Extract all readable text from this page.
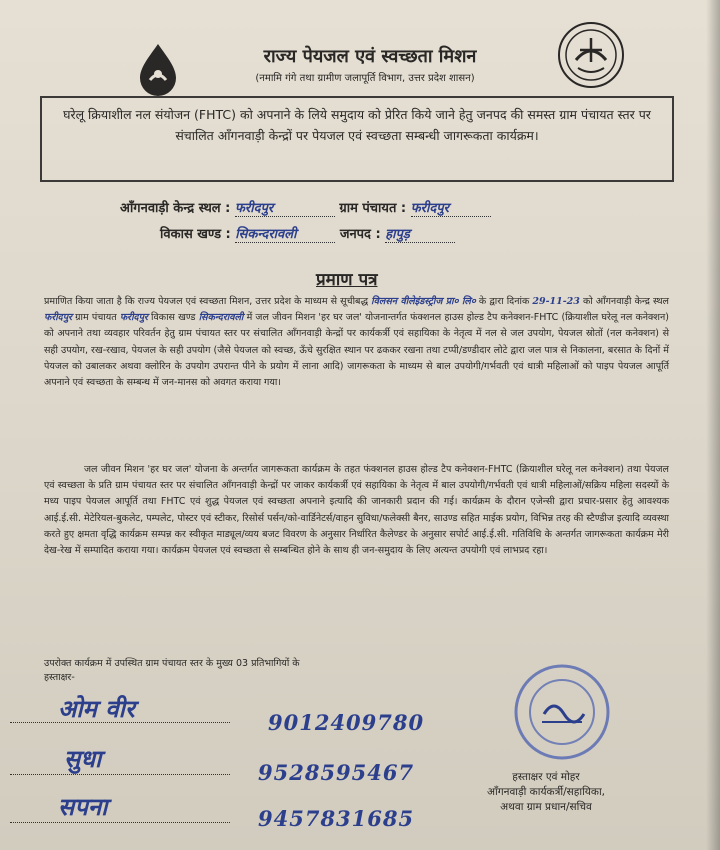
राज्य पेयजल एवं स्वच्छता मिशन
(नमामि गंगे तथा ग्रामीण जलापूर्ति विभाग, उत्तर प्रदेश शासन)
घरेलू क्रियाशील नल संयोजन (FHTC) को अपनाने के लिये समुदाय को प्रेरित किये जाने हेतु जनपद की समस्त ग्राम पंचायत स्तर पर संचालित आँगनवाड़ी केन्द्रों पर पेयजल एवं स्वच्छता सम्बन्धी जागरूकता कार्यक्रम।
आँगनवाड़ी केन्द्र स्थल : फरीदपुर	ग्राम पंचायत : फरीदपुर
विकास खण्ड : सिकन्दरावली	जनपद : हापुड़
प्रमाण पत्र
प्रमाणित किया जाता है कि राज्य पेयजल एवं स्वच्छता मिशन, उत्तर प्रदेश के माध्यम से सूचीबद्ध विलसन वीलेइंडस्ट्रीज प्रा० लि० के द्वारा दिनांक 29-11-23 को आँगनवाड़ी केन्द्र स्थल फरीदपुर ग्राम पंचायत फरीदपुर विकास खण्ड सिकन्दरावली में जल जीवन मिशन 'हर घर जल' योजनान्तर्गत फंक्शनल हाउस होल्ड टैप कनेक्शन-FHTC (क्रियाशील घरेलू नल कनेक्शन) को अपनाने तथा व्यवहार परिवर्तन हेतु ग्राम पंचायत स्तर पर संचालित आँगनवाड़ी केन्द्रों पर कार्यकर्त्री एवं सहायिका के नेतृत्व में नल से जल उपयोग, पेयजल स्रोतों (नल कनेक्शन) से सही उपयोग, रख-रखाव, पेयजल के सही उपयोग (जैसे पेयजल को स्वच्छ, ऊँचे सुरक्षित स्थान पर ढककर रखना तथा टप्पी/डण्डीदार लोटे द्वारा जल पात्र से निकालना, बरसात के दिनों में पेयजल को उबालकर अथवा क्लोरिन के उपयोग उपरान्त पीने के प्रयोग में लाना आदि) जागरूकता के माध्यम से बाल उपयोगी/गर्भवती एवं धात्री महिलाओं को पाइप पेयजल आपूर्ति अपनाने एवं स्वच्छता के सम्बन्ध में जन-मानस को अवगत कराया गया।
जल जीवन मिशन 'हर घर जल' योजना के अन्तर्गत जागरूकता कार्यक्रम के तहत फंक्शनल हाउस होल्ड टैप कनेक्शन-FHTC (क्रियाशील घरेलू नल कनेक्शन) तथा पेयजल एवं स्वच्छता के प्रति ग्राम पंचायत स्तर पर संचालित आँगनवाड़ी केन्द्रों पर जाकर कार्यकर्त्री एवं सहायिका के नेतृत्व में बाल उपयोगी/गर्भवती एवं धात्री महिलाओं/सक्रिय महिला सदस्यों के मध्य पाइप पेयजल आपूर्ति तथा FHTC एवं शुद्ध पेयजल एवं स्वच्छता अपनाने इत्यादि की जानकारी प्रदान की गई। कार्यक्रम के दौरान एजेन्सी द्वारा प्रचार-प्रसार हेतु आवश्यक आई.ई.सी. मेटेरियल-बुकलेट, पम्पलेट, पोस्टर एवं स्टीकर, रिसोर्स पर्सन/को-वार्डिनेटर्स/वाहन सुविधा/फलेक्सी बैनर, साउण्ड सहित माईक प्रयोग, विभिन्न तरह की स्टैण्डीज इत्यादि व्यवस्था करते हुए क्षमता वृद्धि कार्यक्रम सम्पन्न कर स्वीकृत माड्यूल/व्यय बजट विवरण के अनुसार निर्धारित कैलेण्डर के अनुसार सपोर्ट आई.ई.सी. गतिविधि के अन्तर्गत जागरूकता कार्यक्रम मेरी देख-रेख में सम्पादित कराया गया। कार्यक्रम पेयजल एवं स्वच्छता से सम्बन्धित होने के साथ ही जन-समुदाय के लिए अत्यन्त उपयोगी एवं लाभप्रद रहा।
उपरोक्त कार्यक्रम में उपस्थित ग्राम पंचायत स्तर के मुख्य 03 प्रतिभागियों के
हस्ताक्षर-
ओम वीर	9012409780
सुधा	9528595467
सपना	9457831685
हस्ताक्षर एवं मोहर
आँगनवाड़ी कार्यकर्त्री/सहायिका,
अथवा ग्राम प्रधान/सचिव
